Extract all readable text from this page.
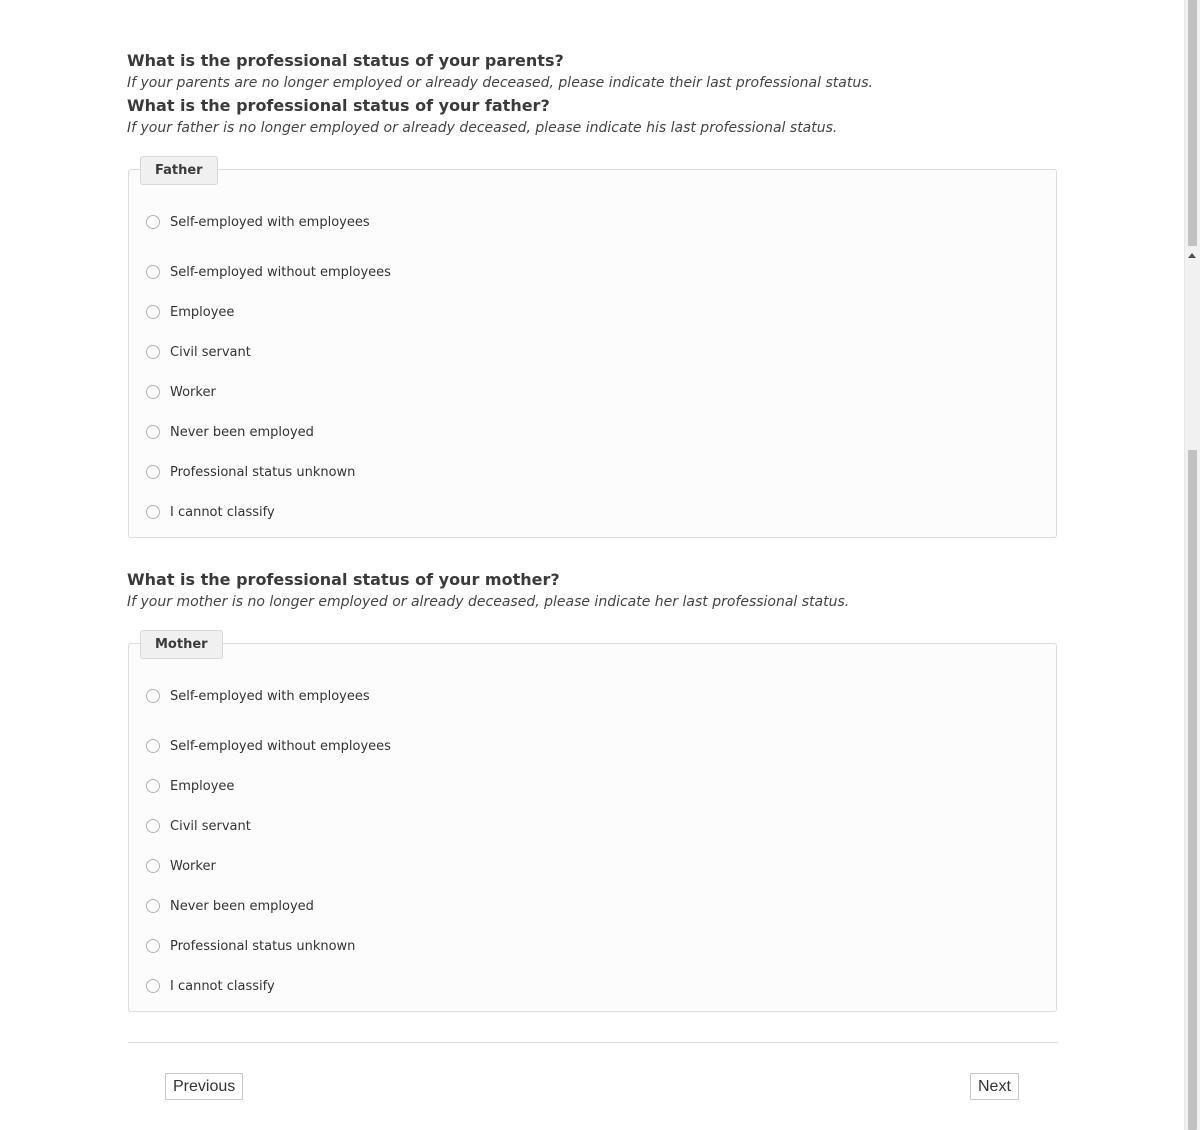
What is the professional status of your parents?

If your parents are no longer employed or already deceased, please indicate their last professional status.

What is the professional status of your father?

If your father is no longer employed or already deceased, please indicate his last professional status.

Father
Self-employed with employees
Self-employed without employees
Employee
Civil servant
Worker
Never been employed
Professional status unknown
I cannot classify
What is the professional status of your mother?

If your mother is no longer employed or already deceased, please indicate her last professional status.

Mother
Self-employed with employees
Self-employed without employees
Employee
Civil servant
Worker
Never been employed
Professional status unknown
I cannot classify
Previous	Next
